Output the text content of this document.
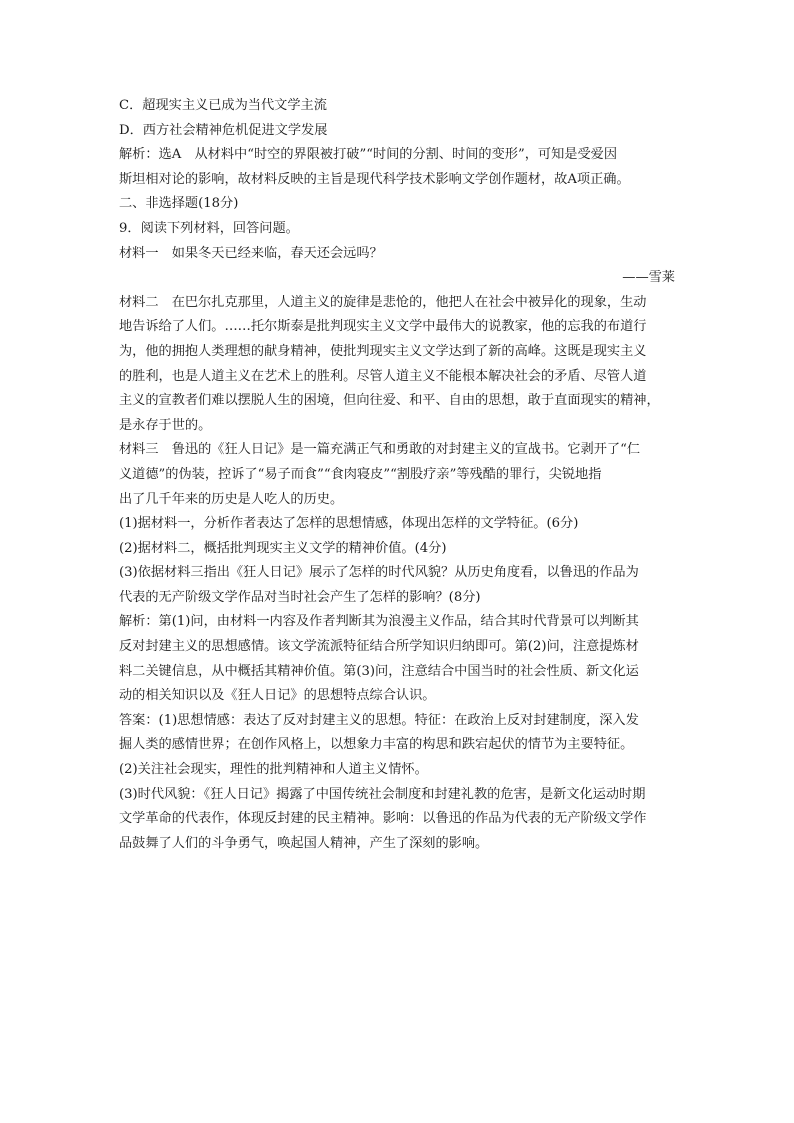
C．超现实主义已成为当代文学主流
D．西方社会精神危机促进文学发展
解析：选A　从材料中“时空的界限被打破”“时间的分割、时间的变形”，可知是受爱因
斯坦相对论的影响，故材料反映的主旨是现代科学技术影响文学创作题材，故A项正确。
二、非选择题(18分)
9．阅读下列材料，回答问题。
材料一　如果冬天已经来临，春天还会远吗？
——雪莱
材料二　在巴尔扎克那里，人道主义的旋律是悲怆的，他把人在社会中被异化的现象，生动
地告诉给了人们。……托尔斯泰是批判现实主义文学中最伟大的说教家，他的忘我的布道行
为，他的拥抱人类理想的献身精神，使批判现实主义文学达到了新的高峰。这既是现实主义
的胜利，也是人道主义在艺术上的胜利。尽管人道主义不能根本解决社会的矛盾、尽管人道
主义的宣教者们难以摆脱人生的困境，但向往爱、和平、自由的思想，敢于直面现实的精神，
是永存于世的。
材料三　鲁迅的《狂人日记》是一篇充满正气和勇敢的对封建主义的宣战书。它剥开了“仁
义道德”的伪装，控诉了“易子而食”“食肉寝皮”“割股疗亲”等残酷的罪行，尖锐地指
出了几千年来的历史是人吃人的历史。
(1)据材料一，分析作者表达了怎样的思想情感，体现出怎样的文学特征。(6分)
(2)据材料二，概括批判现实主义文学的精神价值。(4分)
(3)依据材料三指出《狂人日记》展示了怎样的时代风貌？从历史角度看，以鲁迅的作品为
代表的无产阶级文学作品对当时社会产生了怎样的影响？(8分)
解析：第(1)问，由材料一内容及作者判断其为浪漫主义作品，结合其时代背景可以判断其
反对封建主义的思想感情。该文学流派特征结合所学知识归纳即可。第(2)问，注意提炼材
料二关键信息，从中概括其精神价值。第(3)问，注意结合中国当时的社会性质、新文化运
动的相关知识以及《狂人日记》的思想特点综合认识。
答案：(1)思想情感：表达了反对封建主义的思想。特征：在政治上反对封建制度，深入发
掘人类的感情世界；在创作风格上，以想象力丰富的构思和跌宕起伏的情节为主要特征。
(2)关注社会现实，理性的批判精神和人道主义情怀。
(3)时代风貌：《狂人日记》揭露了中国传统社会制度和封建礼教的危害，是新文化运动时期
文学革命的代表作，体现反封建的民主精神。影响：以鲁迅的作品为代表的无产阶级文学作
品鼓舞了人们的斗争勇气，唤起国人精神，产生了深刻的影响。
